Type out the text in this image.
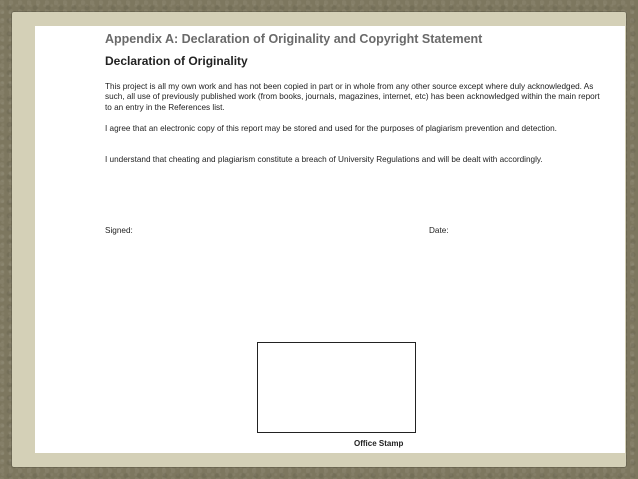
Appendix A: Declaration of Originality and Copyright Statement
Declaration of Originality

This project is all my own work and has not been copied in part or in whole from any other source except where duly acknowledged. As such, all use of previously published work (from books, journals, magazines, internet, etc) has been acknowledged within the main report to an entry in the References list.

I agree that an electronic copy of this report may be stored and used for the purposes of plagiarism prevention and detection.

I understand that cheating and plagiarism constitute a breach of University Regulations and will be dealt with accordingly.

Signed:	Date:
Office Stamp
